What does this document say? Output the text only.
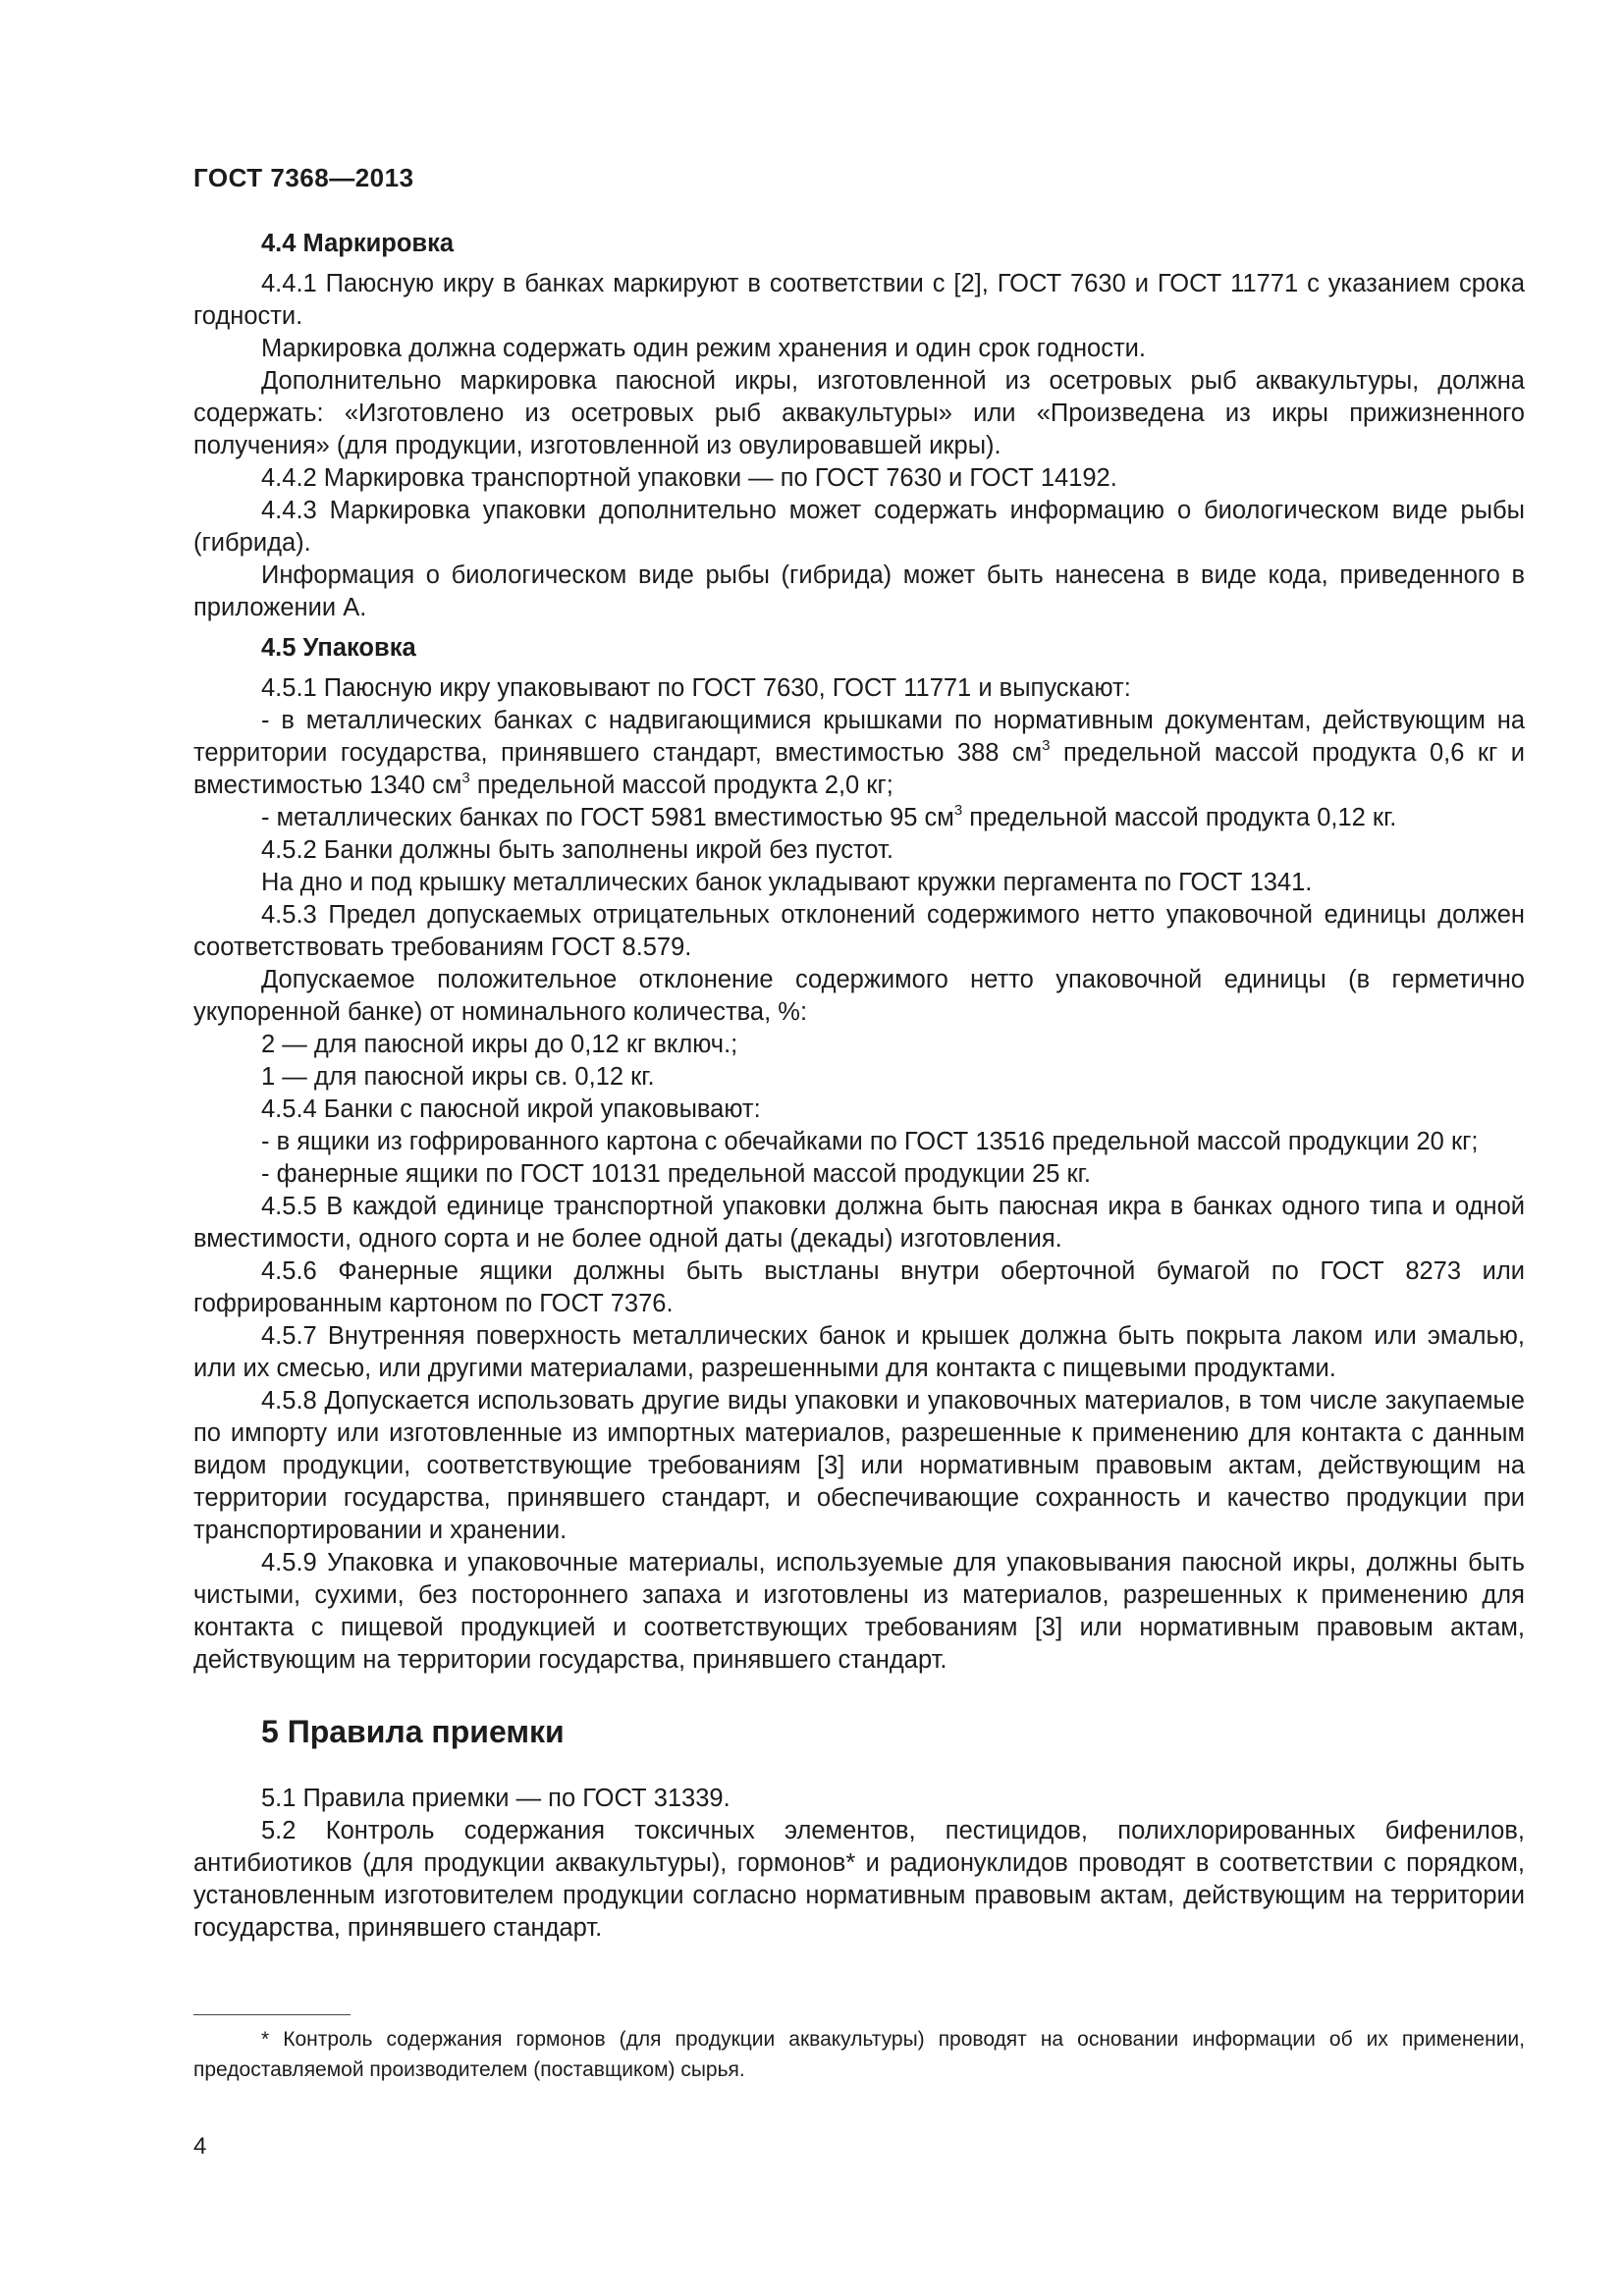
ГОСТ 7368—2013

4.4 Маркировка

4.4.1 Паюсную икру в банках маркируют в соответствии с [2], ГОСТ 7630 и ГОСТ 11771 с указанием срока годности.

Маркировка должна содержать один режим хранения и один срок годности.

Дополнительно маркировка паюсной икры, изготовленной из осетровых рыб аквакультуры, должна содержать: «Изготовлено из осетровых рыб аквакультуры» или «Произведена из икры прижизненного получения» (для продукции, изготовленной из овулировавшей икры).

4.4.2 Маркировка транспортной упаковки — по ГОСТ 7630 и ГОСТ 14192.

4.4.3 Маркировка упаковки дополнительно может содержать информацию о биологическом виде рыбы (гибрида).

Информация о биологическом виде рыбы (гибрида) может быть нанесена в виде кода, приведенного в приложении А.

4.5 Упаковка

4.5.1 Паюсную икру упаковывают по ГОСТ 7630, ГОСТ 11771 и выпускают:

- в металлических банках с надвигающимися крышками по нормативным документам, действующим на территории государства, принявшего стандарт, вместимостью 388 $см^3$ предельной массой продукта 0,6 кг и вместимостью 1340 $см^3$ предельной массой продукта 2,0 кг;

- металлических банках по ГОСТ 5981 вместимостью 95 $см^3$ предельной массой продукта 0,12 кг.

4.5.2 Банки должны быть заполнены икрой без пустот.

На дно и под крышку металлических банок укладывают кружки пергамента по ГОСТ 1341.

4.5.3 Предел допускаемых отрицательных отклонений содержимого нетто упаковочной единицы должен соответствовать требованиям ГОСТ 8.579.

Допускаемое положительное отклонение содержимого нетто упаковочной единицы (в герметично укупоренной банке) от номинального количества, %:

2 — для паюсной икры до 0,12 кг включ.;

1 — для паюсной икры св. 0,12 кг.

4.5.4 Банки с паюсной икрой упаковывают:

- в ящики из гофрированного картона с обечайками по ГОСТ 13516 предельной массой продукции 20 кг;

- фанерные ящики по ГОСТ 10131 предельной массой продукции 25 кг.

4.5.5 В каждой единице транспортной упаковки должна быть паюсная икра в банках одного типа и одной вместимости, одного сорта и не более одной даты (декады) изготовления.

4.5.6 Фанерные ящики должны быть выстланы внутри оберточной бумагой по ГОСТ 8273 или гофрированным картоном по ГОСТ 7376.

4.5.7 Внутренняя поверхность металлических банок и крышек должна быть покрыта лаком или эмалью, или их смесью, или другими материалами, разрешенными для контакта с пищевыми продуктами.

4.5.8 Допускается использовать другие виды упаковки и упаковочных материалов, в том числе закупаемые по импорту или изготовленные из импортных материалов, разрешенные к применению для контакта с данным видом продукции, соответствующие требованиям [3] или нормативным правовым актам, действующим на территории государства, принявшего стандарт, и обеспечивающие сохранность и качество продукции при транспортировании и хранении.

4.5.9 Упаковка и упаковочные материалы, используемые для упаковывания паюсной икры, должны быть чистыми, сухими, без постороннего запаха и изготовлены из материалов, разрешенных к применению для контакта с пищевой продукцией и соответствующих требованиям [3] или нормативным правовым актам, действующим на территории государства, принявшего стандарт.

5 Правила приемки

5.1 Правила приемки — по ГОСТ 31339.

5.2 Контроль содержания токсичных элементов, пестицидов, полихлорированных бифенилов, антибиотиков (для продукции аквакультуры), гормонов* и радионуклидов проводят в соответствии с порядком, установленным изготовителем продукции согласно нормативным правовым актам, действующим на территории государства, принявшего стандарт.

* Контроль содержания гормонов (для продукции аквакультуры) проводят на основании информации об их применении, предоставляемой производителем (поставщиком) сырья.
4
